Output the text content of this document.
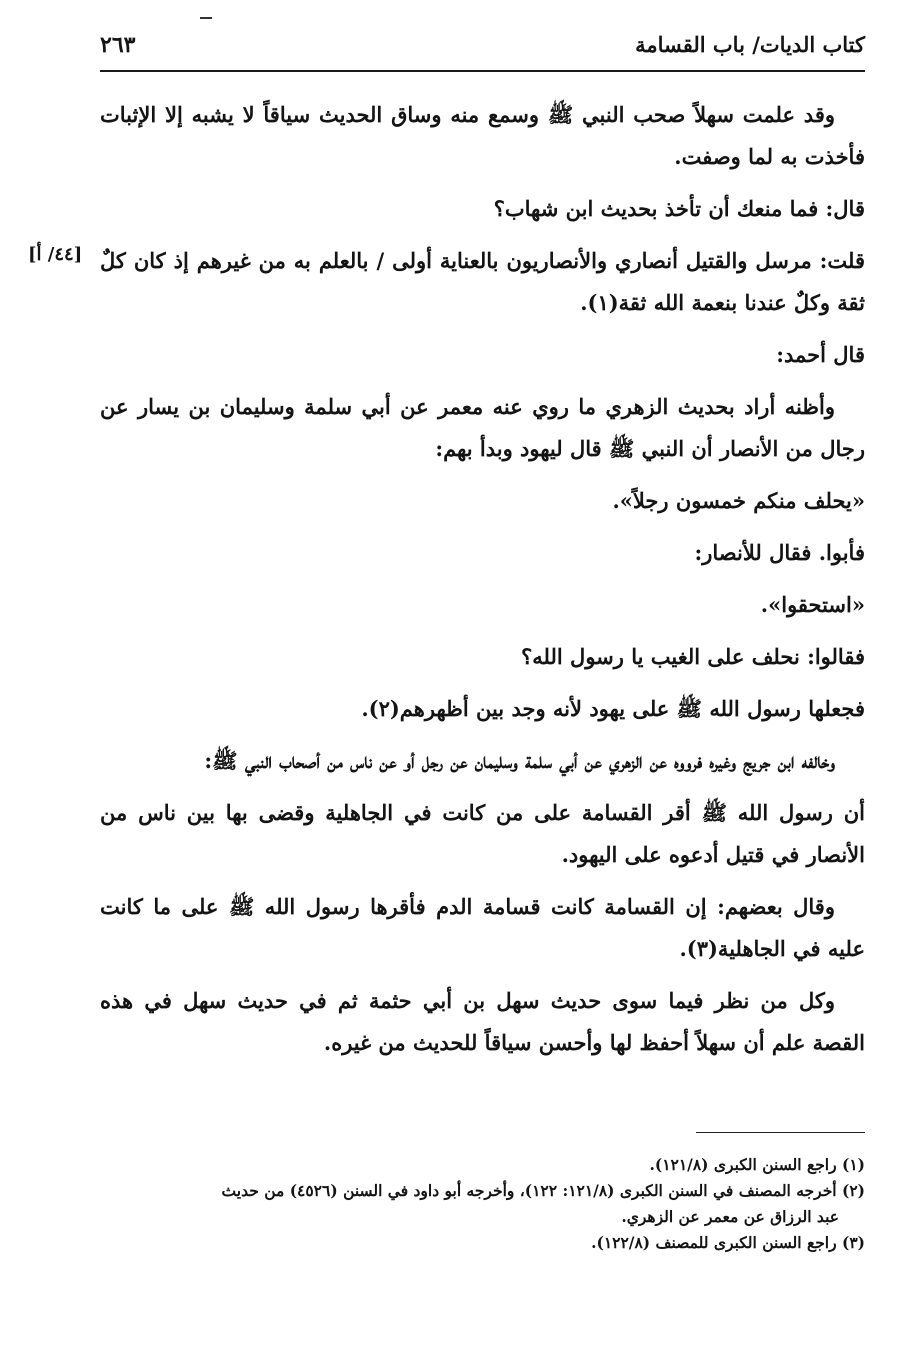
كتاب الديات/ باب القسامة
٢٦٣
[٤٤/ أ]

وقد علمت سهلاً صحب النبي ﷺ وسمع منه وساق الحديث سياقاً لا يشبه إلا الإثبات فأخذت به لما وصفت.

قال: فما منعك أن تأخذ بحديث ابن شهاب؟

قلت: مرسل والقتيل أنصاري والأنصاريون بالعناية أولى / بالعلم به من غيرهم إذ كان كلٌ ثقة وكلٌ عندنا بنعمة الله ثقة(١).

قال أحمد:

وأظنه أراد بحديث الزهري ما روي عنه معمر عن أبي سلمة وسليمان بن يسار عن رجال من الأنصار أن النبي ﷺ قال ليهود وبدأ بهم:

«يحلف منكم خمسون رجلاً».

فأبوا. فقال للأنصار:

«استحقوا».

فقالوا: نحلف على الغيب يا رسول الله؟

فجعلها رسول الله ﷺ على يهود لأنه وجد بين أظهرهم(٢).

وخالفه ابن جريج وغيره فرووه عن الزهري عن أبي سلمة وسليمان عن رجل أو عن ناس من أصحاب النبي ﷺ:

أن رسول الله ﷺ أقر القسامة على من كانت في الجاهلية وقضى بها بين ناس من الأنصار في قتيل أدعوه على اليهود.

وقال بعضهم: إن القسامة كانت قسامة الدم فأقرها رسول الله ﷺ على ما كانت عليه في الجاهلية(٣).

وكل من نظر فيما سوى حديث سهل بن أبي حثمة ثم في حديث سهل في هذه القصة علم أن سهلاً أحفظ لها وأحسن سياقاً للحديث من غيره.

(١) راجع السنن الكبرى (١٢١/٨).

(٢) أخرجه المصنف في السنن الكبرى (١٢١/٨: ١٢٢)، وأخرجه أبو داود في السنن (٤٥٢٦) من حديث

عبد الرزاق عن معمر عن الزهري.

(٣) راجع السنن الكبرى للمصنف (١٢٢/٨).
